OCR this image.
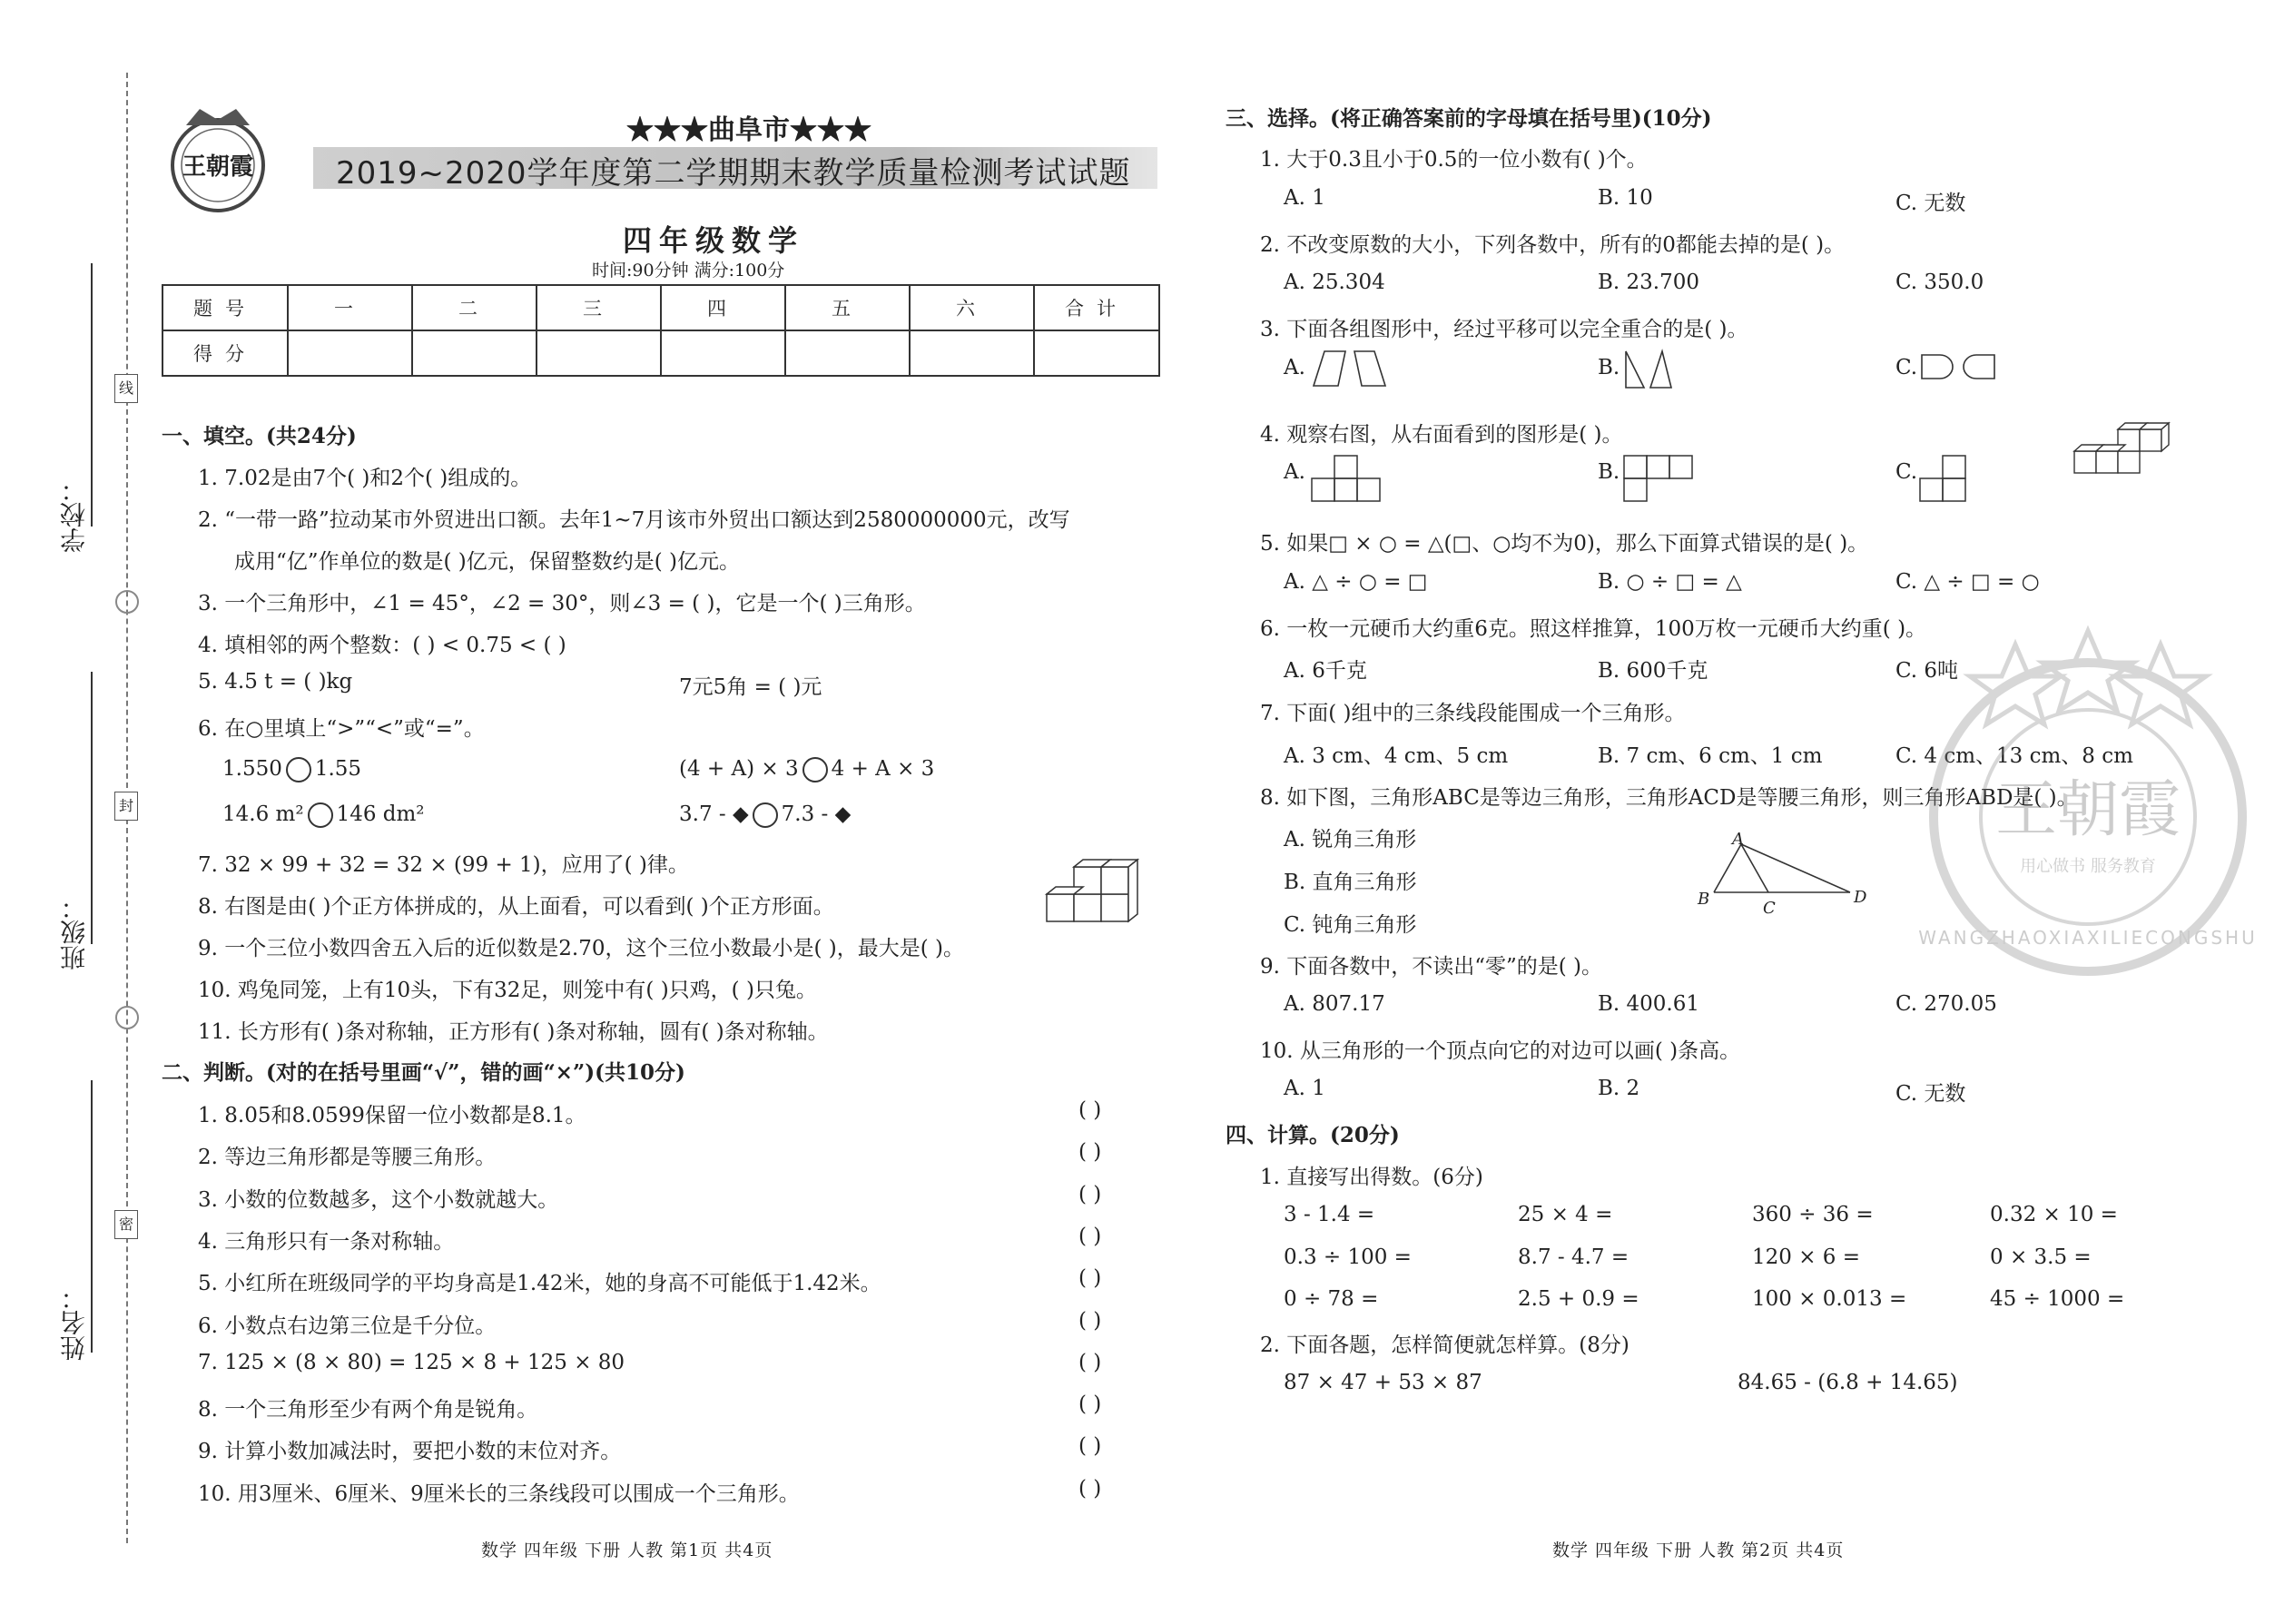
学校：
班级：
姓名：
线
封
密
王朝霞
★★★曲阜市★★★
2019~2020学年度第二学期期末教学质量检测考试试题
四年级数学
时间:90分钟 满分:100分
题号	一	二	三	四	五	六	合计
得分							
一、填空。(共24分)
1. 7.02是由7个( )和2个( )组成的。
2. “一带一路”拉动某市外贸进出口额。去年1~7月该市外贸出口额达到2580000000元，改写
成用“亿”作单位的数是( )亿元，保留整数约是( )亿元。
3. 一个三角形中，∠1 = 45°，∠2 = 30°，则∠3 = ( )，它是一个( )三角形。
4. 填相邻的两个整数：( ) < 0.75 < ( )
5. 4.5 t = ( )kg	7元5角 = ( )元
6. 在○里填上“>”“<”或“=”。
1.550 1.55	(4 + A) × 3 4 + A × 3
14.6 m² 146 dm²	3.7 - ◆ 7.3 - ◆
7. 32 × 99 + 32 = 32 × (99 + 1)，应用了( )律。
8. 右图是由( )个正方体拼成的，从上面看，可以看到( )个正方形面。
9. 一个三位小数四舍五入后的近似数是2.70，这个三位小数最小是( )，最大是( )。
10. 鸡兔同笼，上有10头，下有32足，则笼中有( )只鸡，( )只兔。
11. 长方形有( )条对称轴，正方形有( )条对称轴，圆有( )条对称轴。
二、判断。(对的在括号里画“√”，错的画“×”)(共10分)
1. 8.05和8.0599保留一位小数都是8.1。	( )
2. 等边三角形都是等腰三角形。	( )
3. 小数的位数越多，这个小数就越大。	( )
4. 三角形只有一条对称轴。	( )
5. 小红所在班级同学的平均身高是1.42米，她的身高不可能低于1.42米。	( )
6. 小数点右边第三位是千分位。	( )
7. 125 × (8 × 80) = 125 × 8 + 125 × 80	( )
8. 一个三角形至少有两个角是锐角。	( )
9. 计算小数加减法时，要把小数的末位对齐。	( )
10. 用3厘米、6厘米、9厘米长的三条线段可以围成一个三角形。	( )
三、选择。(将正确答案前的字母填在括号里)(10分)
1. 大于0.3且小于0.5的一位小数有( )个。
A. 1	B. 10	C. 无数
2. 不改变原数的大小，下列各数中，所有的0都能去掉的是( )。
A. 25.304	B. 23.700	C. 350.0
3. 下面各组图形中，经过平移可以完全重合的是( )。
A.	B.	C.
4. 观察右图，从右面看到的图形是( )。
A.	B.	C.
5. 如果□ × ○ = △(□、○均不为0)，那么下面算式错误的是( )。
A. △ ÷ ○ = □	B. ○ ÷ □ = △	C. △ ÷ □ = ○
6. 一枚一元硬币大约重6克。照这样推算，100万枚一元硬币大约重( )。
A. 6千克	B. 600千克	C. 6吨
7. 下面( )组中的三条线段能围成一个三角形。
A. 3 cm、4 cm、5 cm	B. 7 cm、6 cm、1 cm	C. 4 cm、13 cm、8 cm
8. 如下图，三角形ABC是等边三角形，三角形ACD是等腰三角形，则三角形ABD是( )。
A. 锐角三角形
B. 直角三角形
C. 钝角三角形
A
B	C
D
9. 下面各数中，不读出“零”的是( )。
A. 807.17	B. 400.61	C. 270.05
10. 从三角形的一个顶点向它的对边可以画( )条高。
A. 1	B. 2	C. 无数
四、计算。(20分)
1. 直接写出得数。(6分)
3 - 1.4 =	25 × 4 =	360 ÷ 36 =	0.32 × 10 =
0.3 ÷ 100 =	8.7 - 4.7 =	120 × 6 =	0 × 3.5 =
0 ÷ 78 =	2.5 + 0.9 =	100 × 0.013 =	45 ÷ 1000 =
2. 下面各题，怎样简便就怎样算。(8分)
87 × 47 + 53 × 87	84.65 - (6.8 + 14.65)
王朝霞
用心做书 服务教育
WANGZHAOXIAXILIECONGSHU
数学 四年级 下册 人教 第1页 共4页	数学 四年级 下册 人教 第2页 共4页
